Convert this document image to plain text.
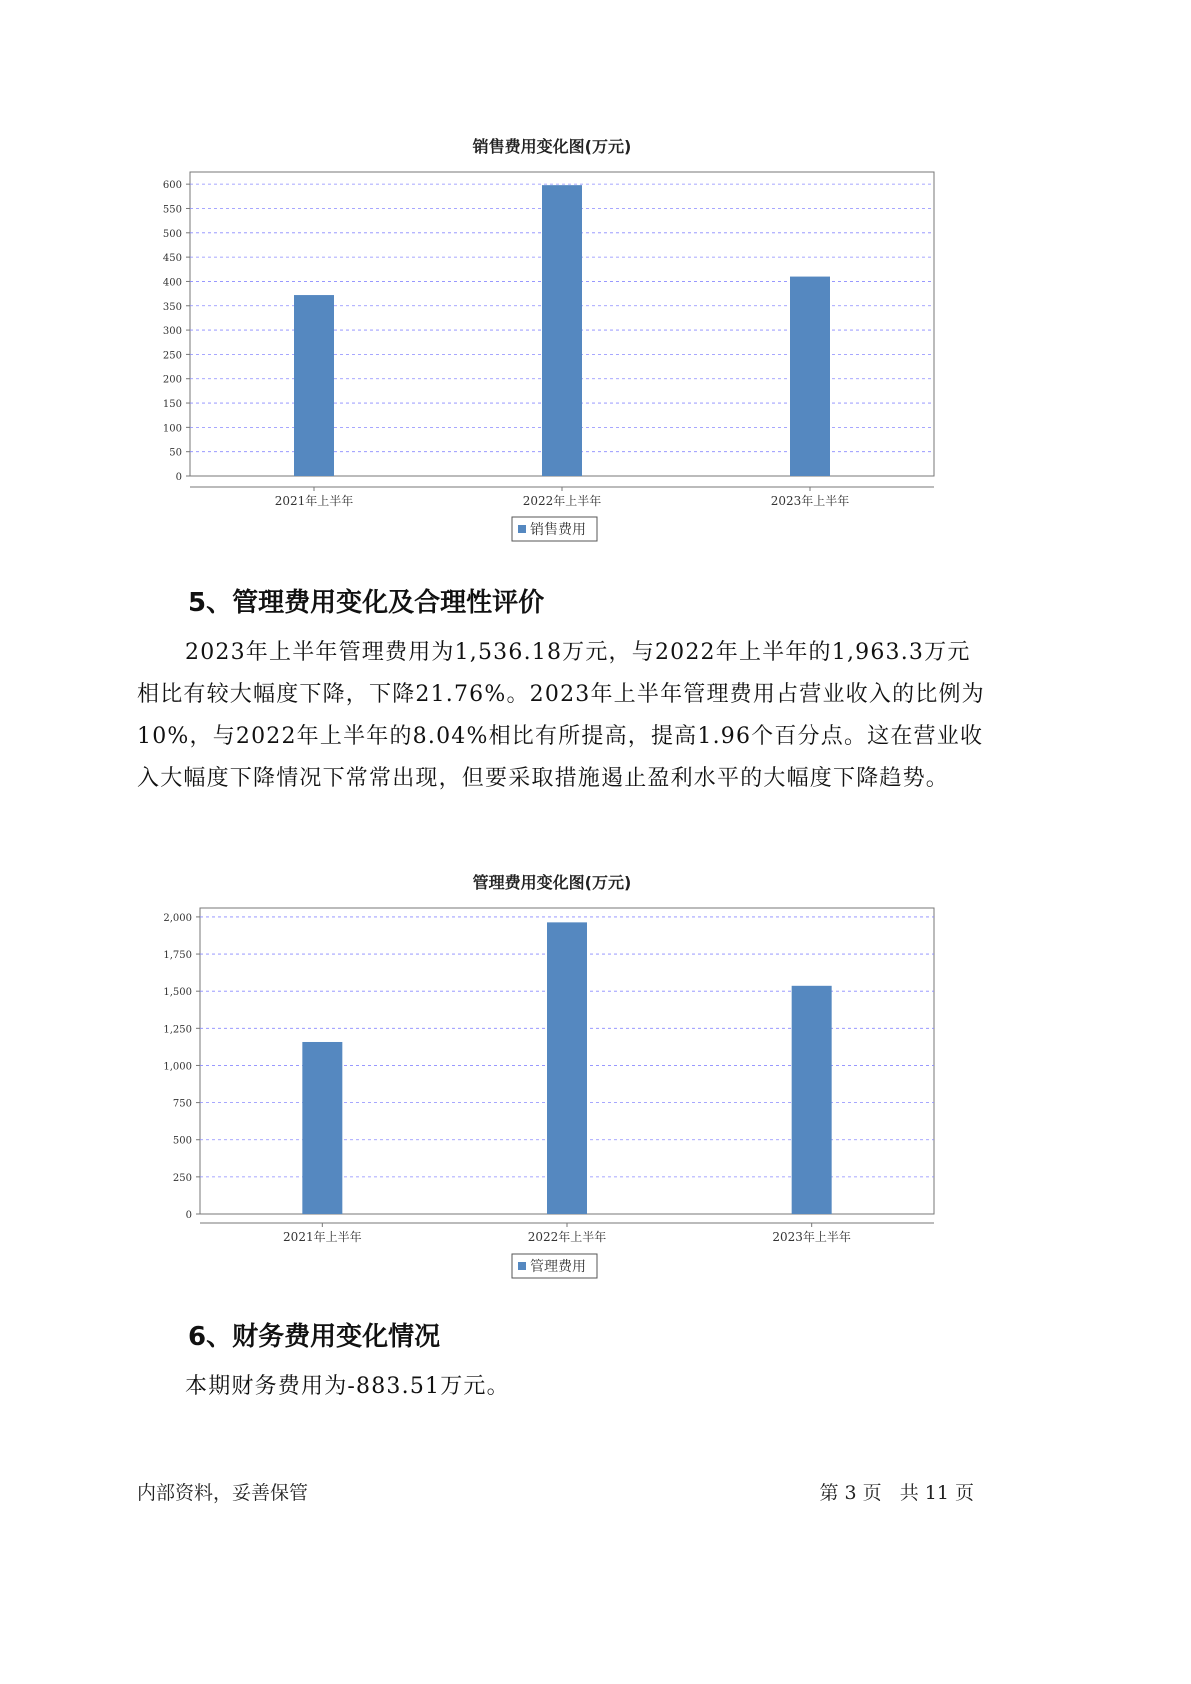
销售费用变化图(万元)
0
50
100
150
200
250
300
350
400
450
500
550
600
2021年上半年	2022年上半年	2023年上半年
销售费用
5、管理费用变化及合理性评价

2023年上半年管理费用为1,536.18万元，与2022年上半年的1,963.3万元相比有较大幅度下降，下降21.76%。2023年上半年管理费用占营业收入的比例为10%，与2022年上半年的8.04%相比有所提高，提高1.96个百分点。这在营业收入大幅度下降情况下常常出现，但要采取措施遏止盈利水平的大幅度下降趋势。

管理费用变化图(万元)
0
250
500
750
1,000
1,250
1,500
1,750
2,000
2021年上半年	2022年上半年	2023年上半年
管理费用
6、财务费用变化情况

本期财务费用为-883.51万元。

内部资料，妥善保管	第 3 页   共 11 页
